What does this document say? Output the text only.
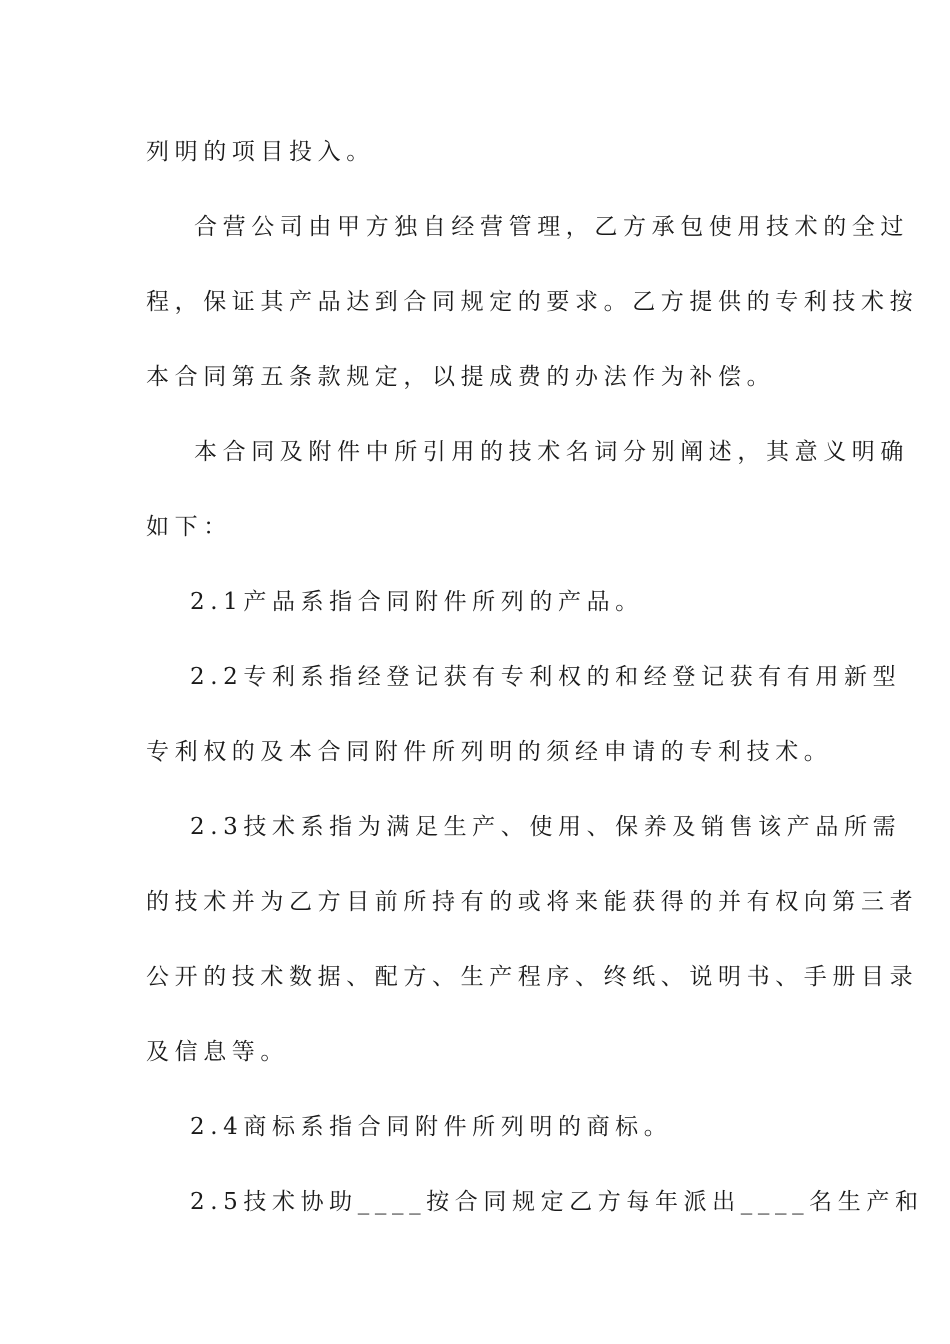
列明的项目投入。
合营公司由甲方独自经营管理，乙方承包使用技术的全过
程，保证其产品达到合同规定的要求。乙方提供的专利技术按
本合同第五条款规定，以提成费的办法作为补偿。
本合同及附件中所引用的技术名词分别阐述，其意义明确
如下：
2.1产品系指合同附件所列的产品。
2.2专利系指经登记获有专利权的和经登记获有有用新型
专利权的及本合同附件所列明的须经申请的专利技术。
2.3技术系指为满足生产、使用、保养及销售该产品所需
的技术并为乙方目前所持有的或将来能获得的并有权向第三者
公开的技术数据、配方、生产程序、终纸、说明书、手册目录
及信息等。
2.4商标系指合同附件所列明的商标。
2.5技术协助____按合同规定乙方每年派出____名生产和
